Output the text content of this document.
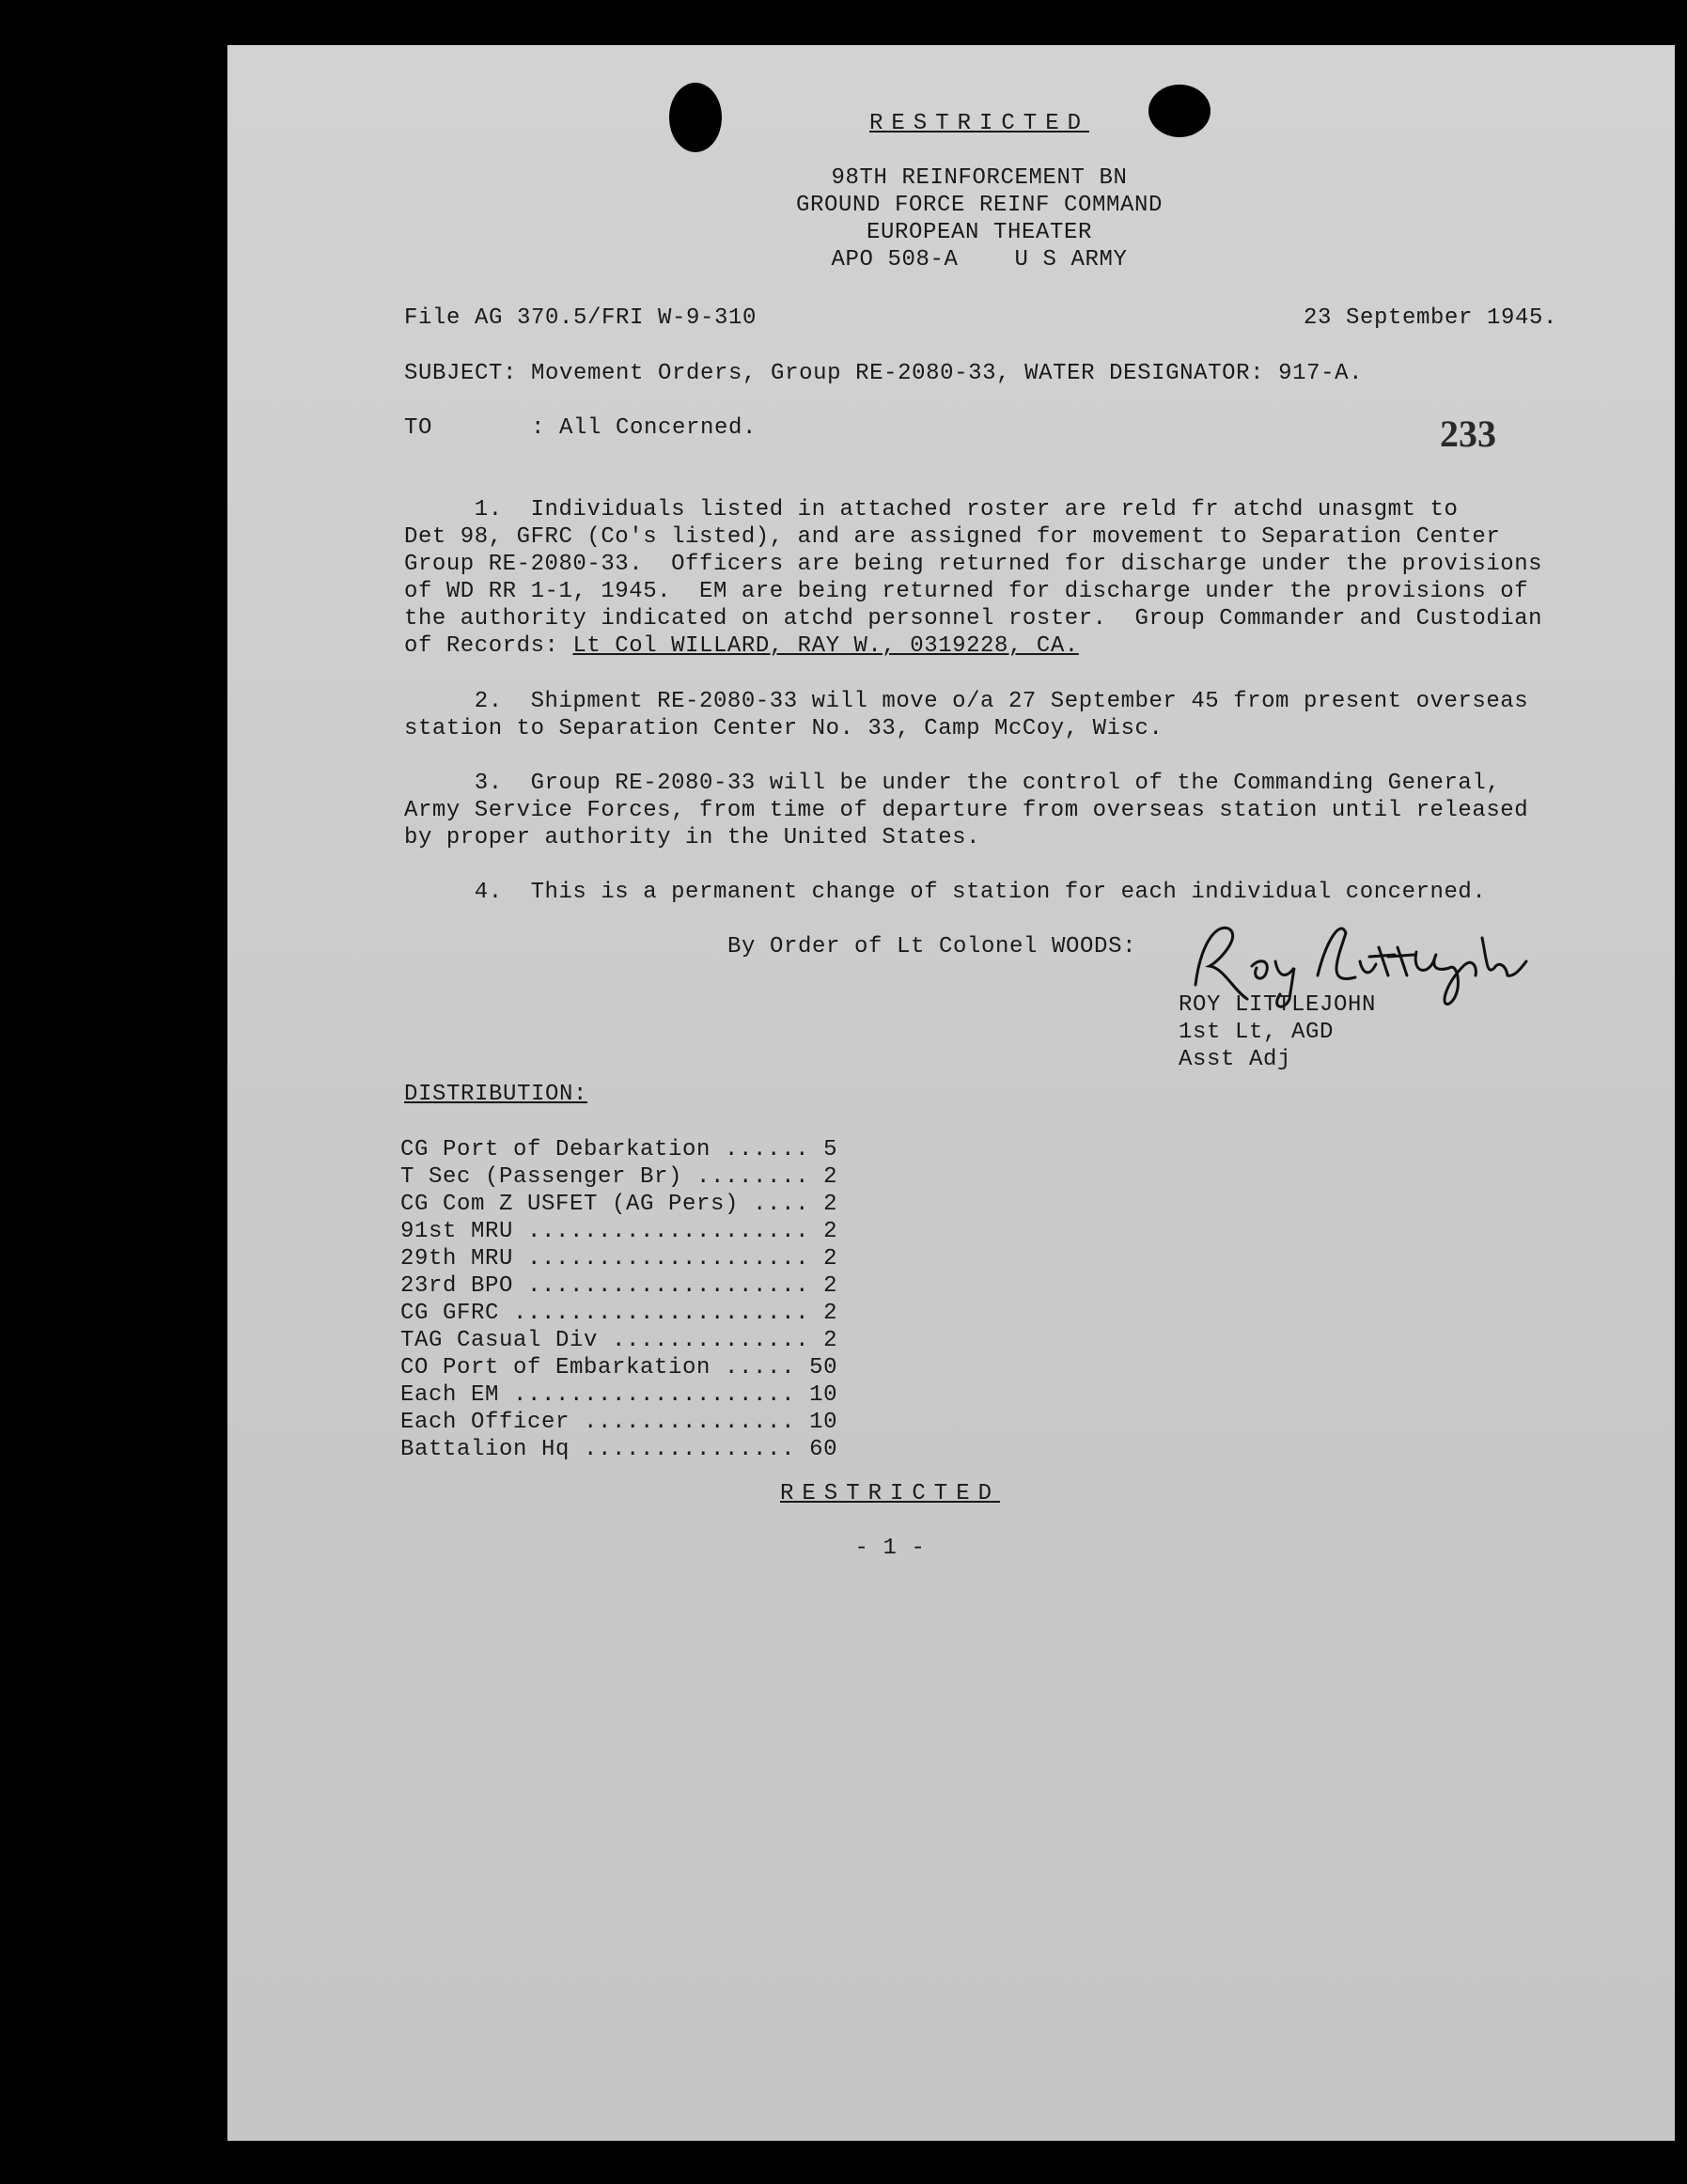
RESTRICTED
98TH REINFORCEMENT BN
GROUND FORCE REINF COMMAND
EUROPEAN THEATER
APO 508-A    U S ARMY
File AG 370.5/FRI W-9-310	23 September 1945.
SUBJECT: Movement Orders, Group RE-2080-33, WATER DESIGNATOR: 917-A.
TO       : All Concerned.	233
1.  Individuals listed in attached roster are reld fr atchd unasgmt to
Det 98, GFRC (Co's listed), and are assigned for movement to Separation Center
Group RE-2080-33.  Officers are being returned for discharge under the provisions
of WD RR 1-1, 1945.  EM are being returned for discharge under the provisions of
the authority indicated on atchd personnel roster.  Group Commander and Custodian
of Records: Lt Col WILLARD, RAY W., 0319228, CA.
2.  Shipment RE-2080-33 will move o/a 27 September 45 from present overseas
station to Separation Center No. 33, Camp McCoy, Wisc.
3.  Group RE-2080-33 will be under the control of the Commanding General,
Army Service Forces, from time of departure from overseas station until released
by proper authority in the United States.
4.  This is a permanent change of station for each individual concerned.
By Order of Lt Colonel WOODS:
ROY LITTLEJOHN
1st Lt, AGD
Asst Adj
DISTRIBUTION:
CG Port of Debarkation ...... 5
T Sec (Passenger Br) ........ 2
CG Com Z USFET (AG Pers) .... 2
91st MRU .................... 2
29th MRU .................... 2
23rd BPO .................... 2
CG GFRC ..................... 2
TAG Casual Div .............. 2
CO Port of Embarkation ..... 50
Each EM .................... 10
Each Officer ............... 10
Battalion Hq ............... 60
RESTRICTED
- 1 -
